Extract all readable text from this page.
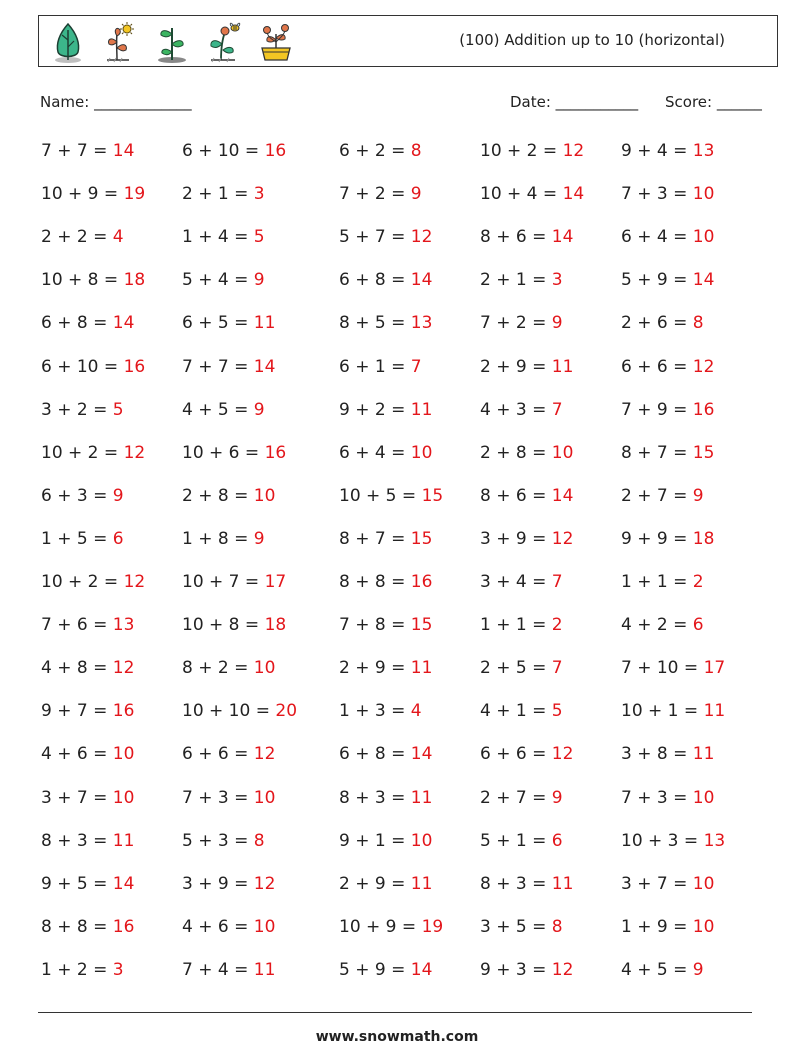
(100) Addition up to 10 (horizontal)
Name: _____________	Date: ___________ Score: ______
7 + 7 = 14	6 + 10 = 16	6 + 2 = 8	10 + 2 = 12 9 + 4 = 13
10 + 9 = 19 2 + 1 = 3	7 + 2 = 9	10 + 4 = 14 7 + 3 = 10
2 + 2 = 4	1 + 4 = 5	5 + 7 = 12	8 + 6 = 14	6 + 4 = 10
10 + 8 = 18 5 + 4 = 9	6 + 8 = 14	2 + 1 = 3	5 + 9 = 14
6 + 8 = 14	6 + 5 = 11	8 + 5 = 13	7 + 2 = 9	2 + 6 = 8
6 + 10 = 16 7 + 7 = 14	6 + 1 = 7	2 + 9 = 11	6 + 6 = 12
3 + 2 = 5	4 + 5 = 9	9 + 2 = 11	4 + 3 = 7	7 + 9 = 16
10 + 2 = 12 10 + 6 = 16	6 + 4 = 10	2 + 8 = 10	8 + 7 = 15
6 + 3 = 9	2 + 8 = 10	10 + 5 = 15 8 + 6 = 14	2 + 7 = 9
1 + 5 = 6	1 + 8 = 9	8 + 7 = 15	3 + 9 = 12	9 + 9 = 18
10 + 2 = 12 10 + 7 = 17	8 + 8 = 16	3 + 4 = 7	1 + 1 = 2
7 + 6 = 13	10 + 8 = 18	7 + 8 = 15	1 + 1 = 2	4 + 2 = 6
4 + 8 = 12	8 + 2 = 10	2 + 9 = 11	2 + 5 = 7	7 + 10 = 17
9 + 7 = 16	10 + 10 = 20 1 + 3 = 4	4 + 1 = 5	10 + 1 = 11
4 + 6 = 10	6 + 6 = 12	6 + 8 = 14	6 + 6 = 12	3 + 8 = 11
3 + 7 = 10	7 + 3 = 10	8 + 3 = 11	2 + 7 = 9	7 + 3 = 10
8 + 3 = 11	5 + 3 = 8	9 + 1 = 10	5 + 1 = 6	10 + 3 = 13
9 + 5 = 14	3 + 9 = 12	2 + 9 = 11	8 + 3 = 11	3 + 7 = 10
8 + 8 = 16	4 + 6 = 10	10 + 9 = 19 3 + 5 = 8	1 + 9 = 10
1 + 2 = 3	7 + 4 = 11	5 + 9 = 14	9 + 3 = 12	4 + 5 = 9
www.snowmath.com
